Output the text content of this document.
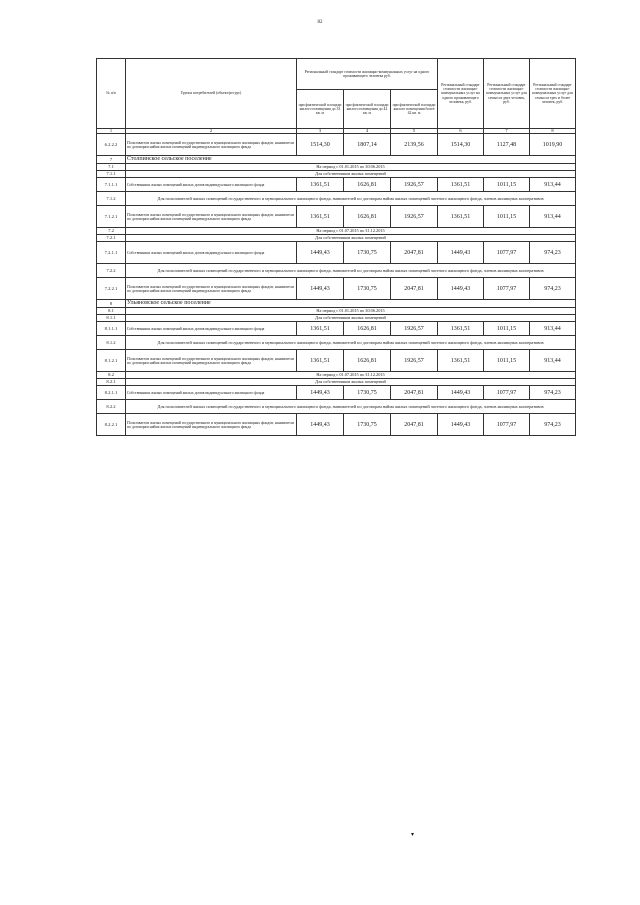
82
№ п/п	Группа потребителей (объект/ресурс)	Региональный стандарт стоимости жилищно-коммунальных услуг на одного проживающего человека руб.			Региональный стандарт стоимости жилищно-коммунальных услуг на одного проживающего человека, руб.	Региональный стандарт стоимости жилищно-коммунальных услуг для семьи из двух человек, руб.	Региональный стандарт стоимости жилищно-коммунальных услуг для семьи из трех и более человек, руб.
		при фактической площади жилого помещения до 33 кв. м	при фактической площади жилого помещения до 42 кв. м	при фактической площади жилого помещения более 42 кв. м			
1	2	3	4	5	6	7	8
6.2.2.2	Пользователи жилых помещений государственного и муниципального жилищных фондов, наниматели по договорам найма жилых помещений индивидуального жилищного фонда	1514,30	1807,14	2139,56	1514,30	1127,48	1019,90
7	Столпинское сельское поселение						
7.1	На период с 01.01.2015 по 30.06.2015						
7.1.1	Для собственников жилых помещений						
7.1.1.1	Собственники жилых помещений жилых домов индивидуального жилищного фонда	1361,51	1626,81	1926,57	1361,51	1011,15	913,44
7.1.2	Для пользователей жилых помещений государственного и муниципального жилищного фонда, нанимателей по договорам найма жилых помещений частного жилищного фонда, членов жилищных кооперативов						
7.1.2.1	Пользователи жилых помещений государственного и муниципального жилищных фондов, наниматели по договорам найма жилых помещений индивидуального жилищного фонда	1361,51	1626,81	1926,57	1361,51	1011,15	913,44
7.2	На период с 01.07.2015 по 31.12.2015						
7.2.1	Для собственников жилых помещений						
7.2.1.1	Собственники жилых помещений жилых домов индивидуального жилищного фонда	1449,43	1730,75	2047,81	1449,43	1077,97	974,23
7.2.2	Для пользователей жилых помещений государственного и муниципального жилищного фонда, нанимателей по договорам найма жилых помещений частного жилищного фонда, членов жилищных кооперативов						
7.2.2.1	Пользователи жилых помещений государственного и муниципального жилищных фондов, наниматели по договорам найма жилых помещений индивидуального жилищного фонда	1449,43	1730,75	2047,81	1449,43	1077,97	974,23
8	Ульяновское сельское поселение						
8.1	На период с 01.01.2015 по 30.06.2015						
8.1.1	Для собственников жилых помещений						
8.1.1.1	Собственники жилых помещений жилых домов индивидуального жилищного фонда	1361,51	1626,81	1926,57	1361,51	1011,15	913,44
8.1.2	Для пользователей жилых помещений государственного и муниципального жилищного фонда, нанимателей по договорам найма жилых помещений частного жилищного фонда, членов жилищных кооперативов						
8.1.2.1	Пользователи жилых помещений государственного и муниципального жилищных фондов, наниматели по договорам найма жилых помещений индивидуального жилищного фонда	1361,51	1626,81	1926,57	1361,51	1011,15	913,44
8.2	На период с 01.07.2015 по 31.12.2015						
8.2.1	Для собственников жилых помещений						
8.2.1.1	Собственники жилых помещений жилых домов индивидуального жилищного фонда	1449,43	1730,75	2047,81	1449,43	1077,97	974,23
8.2.2	Для пользователей жилых помещений государственного и муниципального жилищного фонда, нанимателей по договорам найма жилых помещений частного жилищного фонда, членов жилищных кооперативов						
8.2.2.1	Пользователи жилых помещений государственного и муниципального жилищных фондов, наниматели по договорам найма жилых помещений индивидуального жилищного фонда	1449,43	1730,75	2047,81	1449,43	1077,97	974,23
▾
